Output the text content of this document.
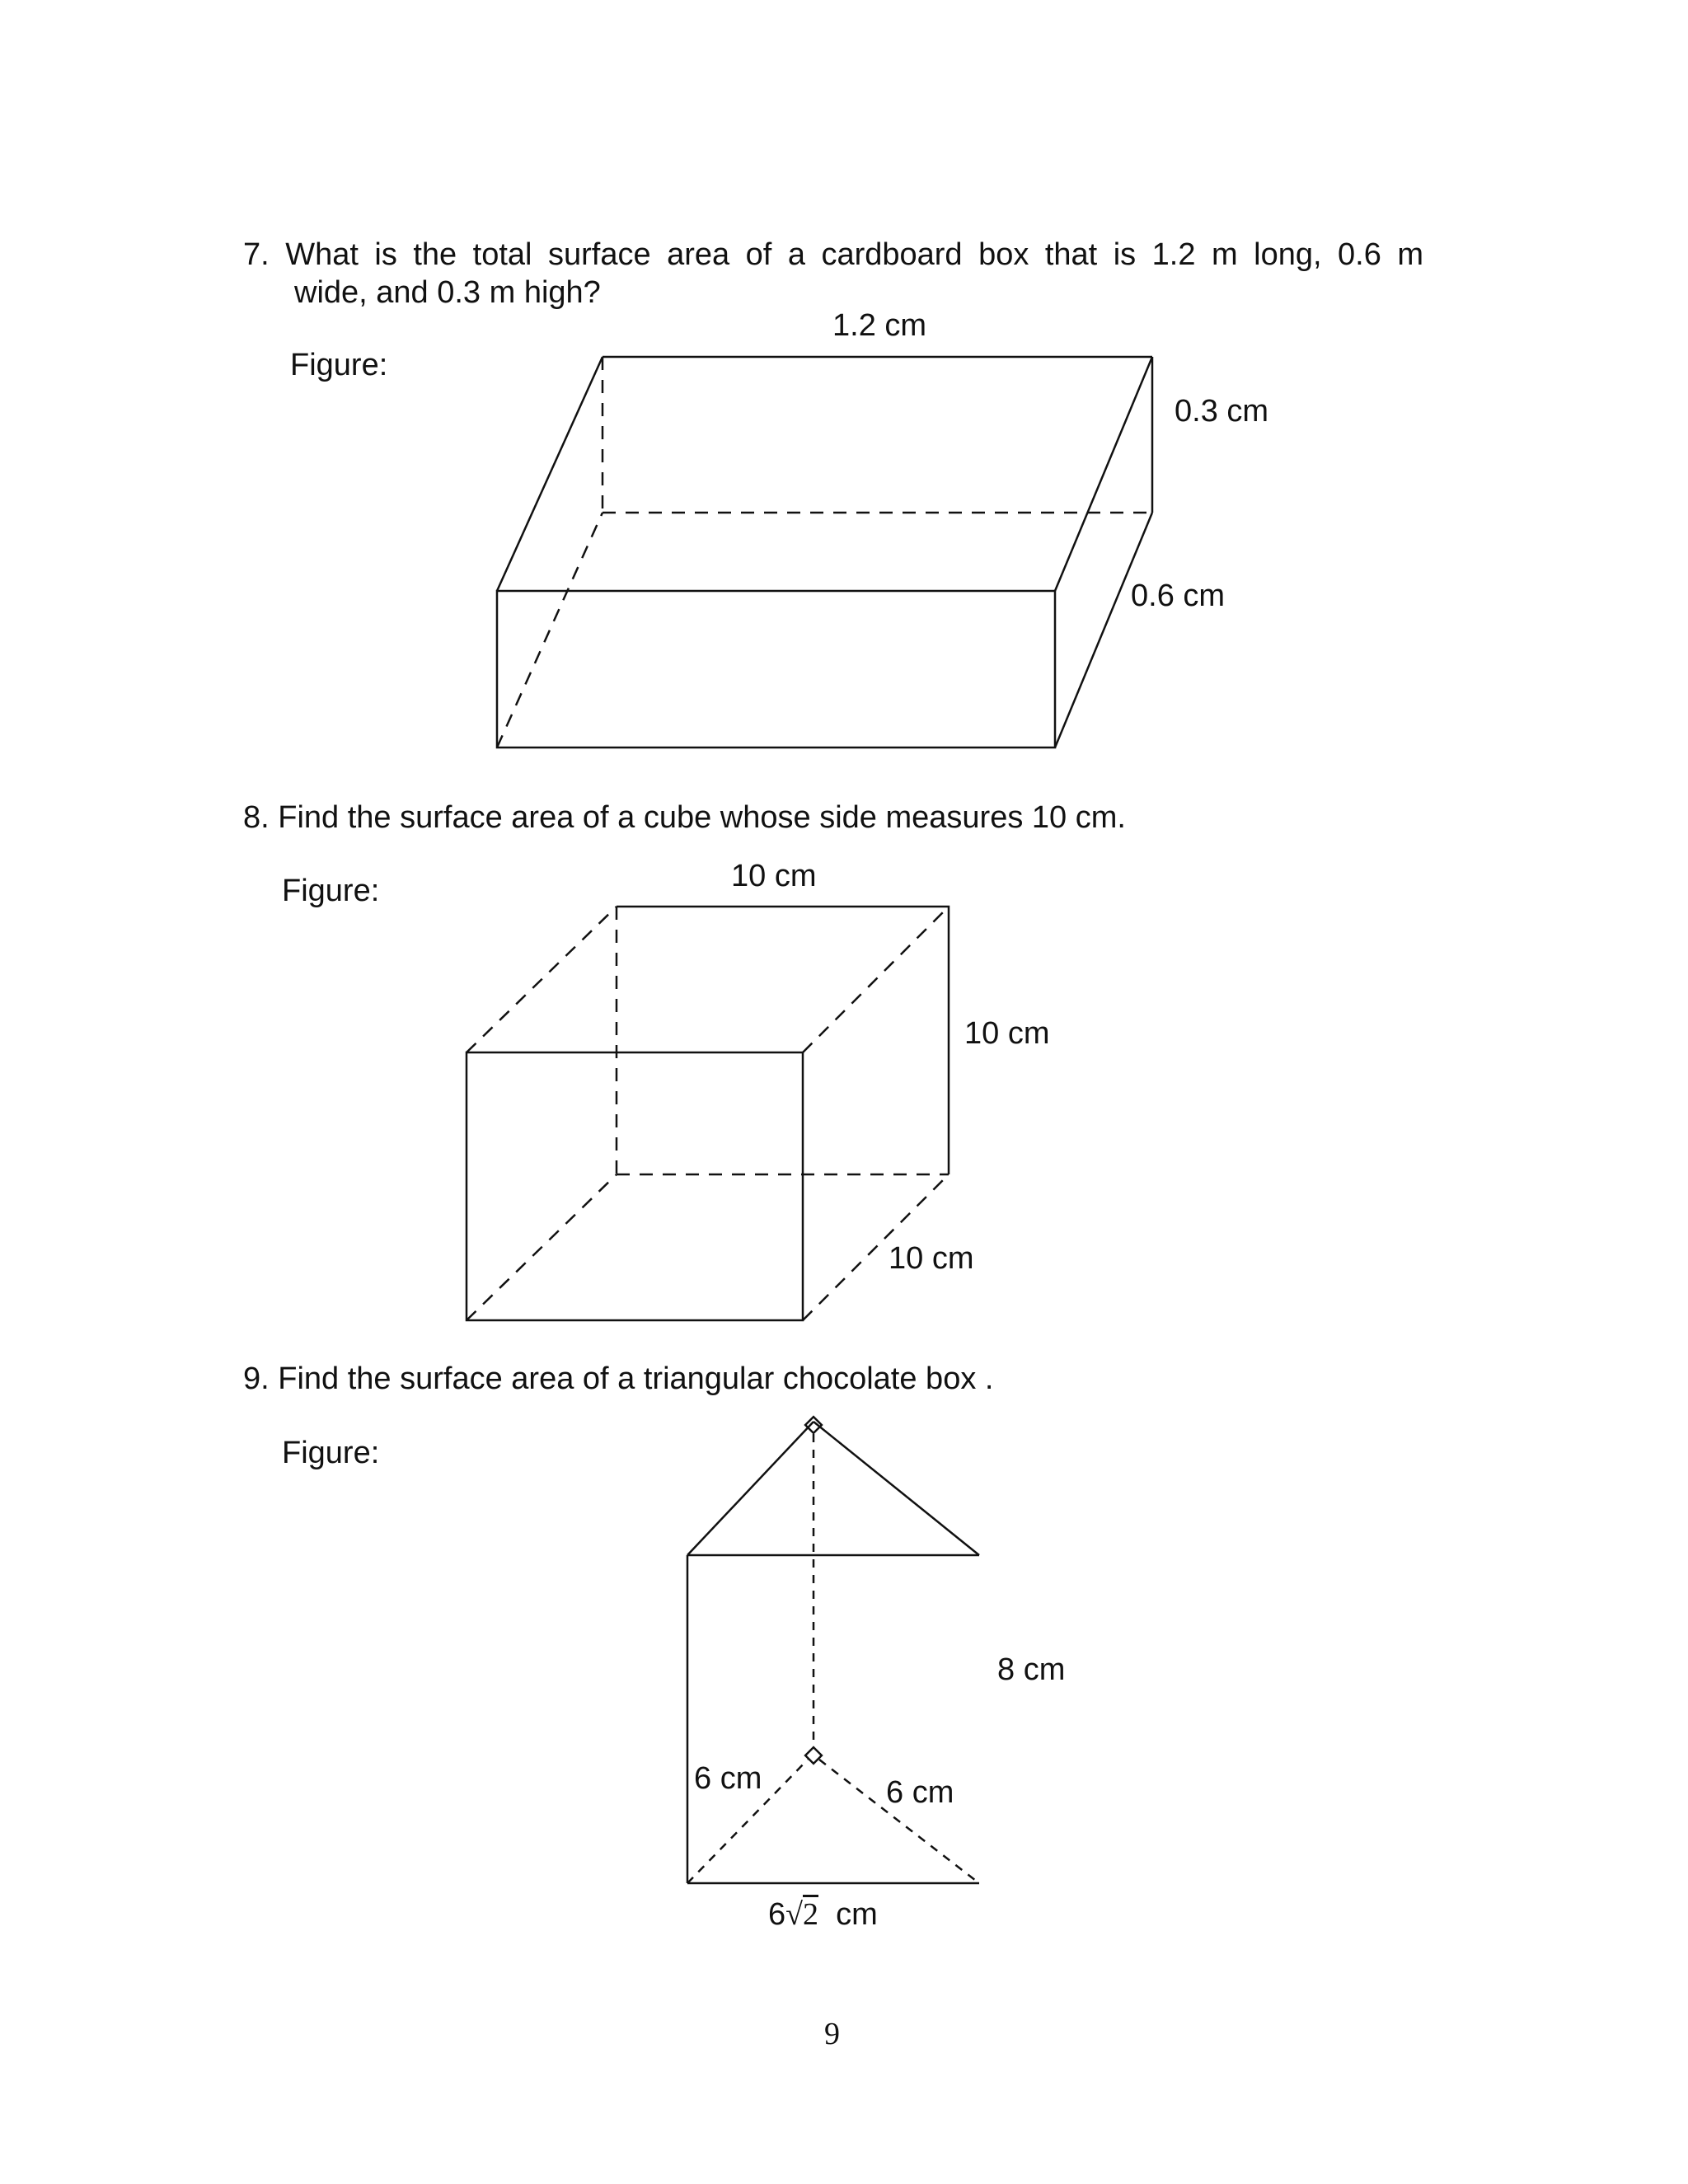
7. What is the total surface area of a cardboard box that is 1.2 m long, 0.6 m
wide, and 0.3 m high?
Figure:
1.2 cm
0.3 cm
0.6 cm
8. Find the surface area of a cube whose side measures 10 cm.
Figure:	10 cm
10 cm
10 cm
9. Find the surface area of a triangular chocolate box .
Figure:
8 cm
6 cm	6 cm
6√2 cm
9
